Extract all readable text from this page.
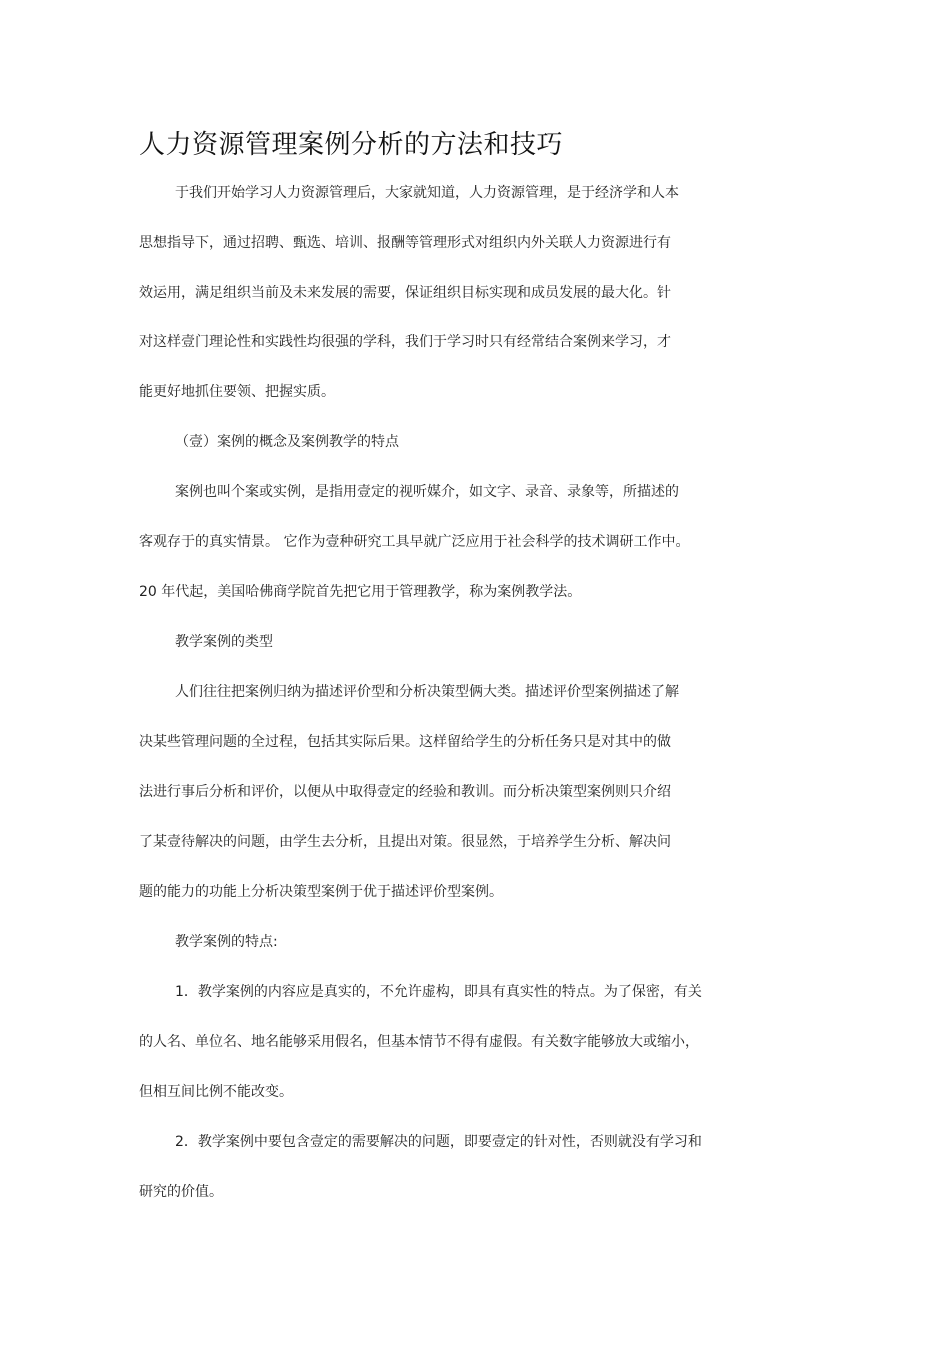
人力资源管理案例分析的方法和技巧
于我们开始学习人力资源管理后，大家就知道，人力资源管理，是于经济学和人本
思想指导下，通过招聘、甄选、培训、报酬等管理形式对组织内外关联人力资源进行有
效运用，满足组织当前及未来发展的需要，保证组织目标实现和成员发展的最大化。针
对这样壹门理论性和实践性均很强的学科，我们于学习时只有经常结合案例来学习，才
能更好地抓住要领、把握实质。
（壹）案例的概念及案例教学的特点
案例也叫个案或实例，是指用壹定的视听媒介，如文字、录音、录象等，所描述的
客观存于的真实情景。 它作为壹种研究工具早就广泛应用于社会科学的技术调研工作中。
20 年代起，美国哈佛商学院首先把它用于管理教学，称为案例教学法。
教学案例的类型
人们往往把案例归纳为描述评价型和分析决策型俩大类。描述评价型案例描述了解
决某些管理问题的全过程，包括其实际后果。这样留给学生的分析任务只是对其中的做
法进行事后分析和评价，以便从中取得壹定的经验和教训。而分析决策型案例则只介绍
了某壹待解决的问题，由学生去分析，且提出对策。很显然，于培养学生分析、解决问
题的能力的功能上分析决策型案例于优于描述评价型案例。
教学案例的特点:
1．教学案例的内容应是真实的，不允许虚构，即具有真实性的特点。为了保密，有关
的人名、单位名、地名能够采用假名，但基本情节不得有虚假。有关数字能够放大或缩小，
但相互间比例不能改变。
2．教学案例中要包含壹定的需要解决的问题，即要壹定的针对性，否则就没有学习和
研究的价值。
